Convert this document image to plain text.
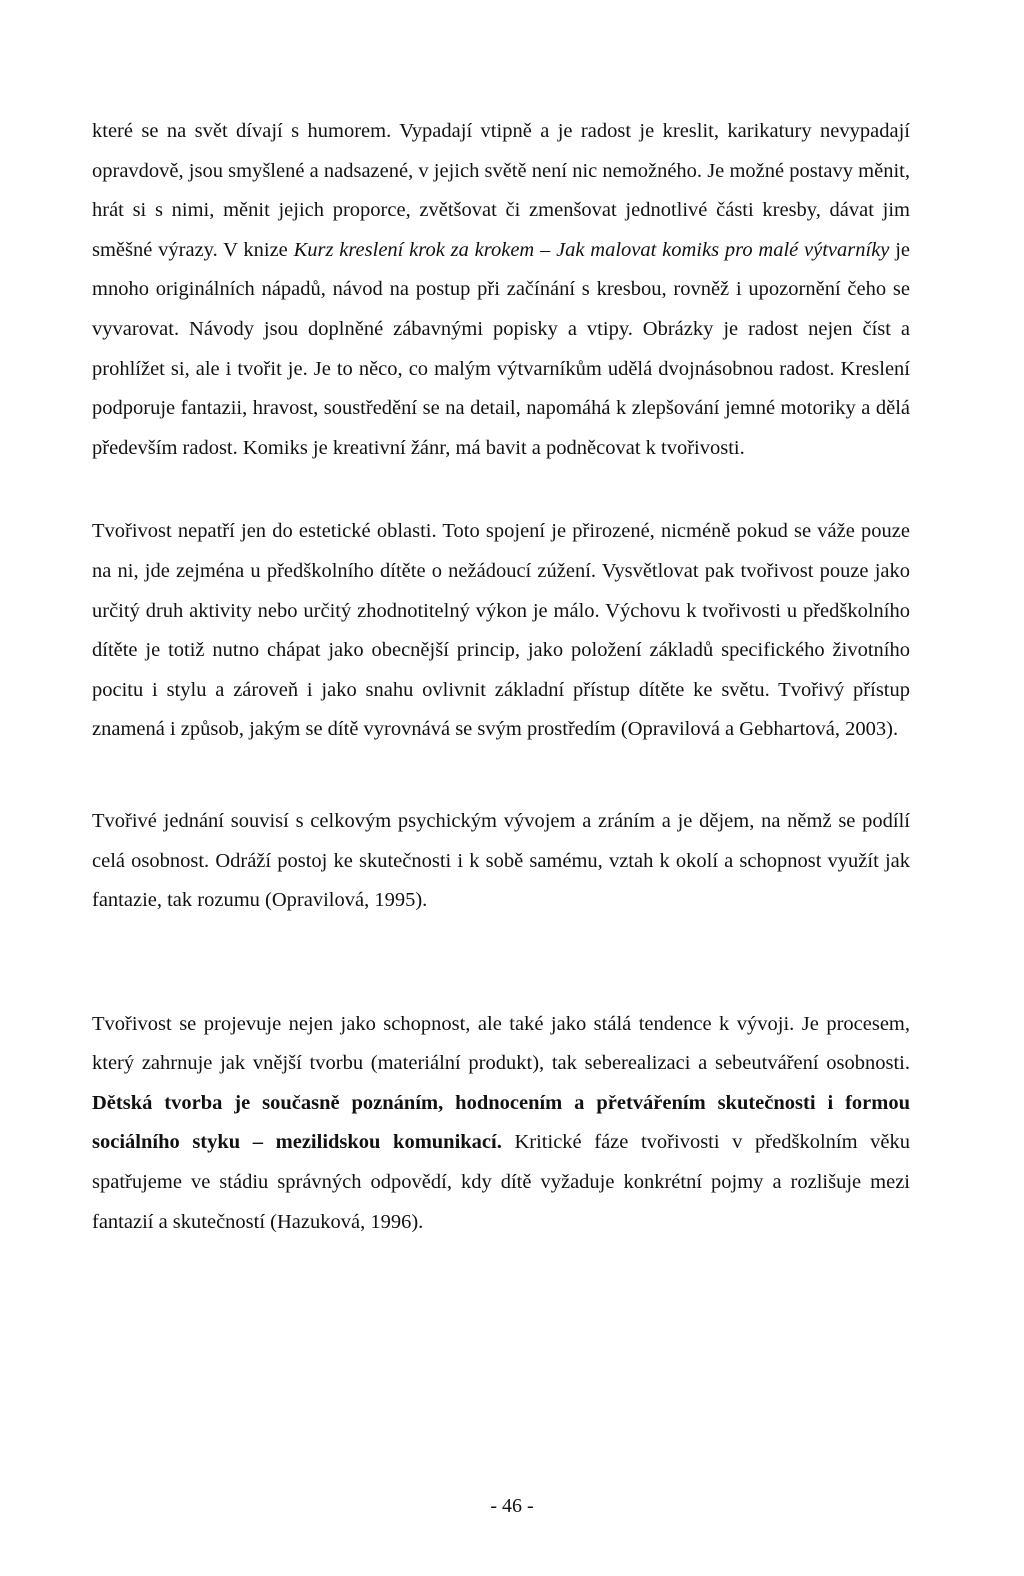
které se na svět dívají s humorem. Vypadají vtipně a je radost je kreslit, karikatury nevypadají opravdově, jsou smyšlené a nadsazené, v jejich světě není nic nemožného. Je možné postavy měnit, hrát si s nimi, měnit jejich proporce, zvětšovat či zmenšovat jednotlivé části kresby, dávat jim směšné výrazy. V knize Kurz kreslení krok za krokem – Jak malovat komiks pro malé výtvarníky je mnoho originálních nápadů, návod na postup při začínání s kresbou, rovněž i upozornění čeho se vyvarovat. Návody jsou doplněné zábavnými popisky a vtipy. Obrázky je radost nejen číst a prohlížet si, ale i tvořit je. Je to něco, co malým výtvarníkům udělá dvojnásobnou radost. Kreslení podporuje fantazii, hravost, soustředění se na detail, napomáhá k zlepšování jemné motoriky a dělá především radost. Komiks je kreativní žánr, má bavit a podněcovat k tvořivosti.

Tvořivost nepatří jen do estetické oblasti. Toto spojení je přirozené, nicméně pokud se váže pouze na ni, jde zejména u předškolního dítěte o nežádoucí zúžení. Vysvětlovat pak tvořivost pouze jako určitý druh aktivity nebo určitý zhodnotitelný výkon je málo. Výchovu k tvořivosti u předškolního dítěte je totiž nutno chápat jako obecnější princip, jako položení základů specifického životního pocitu i stylu a zároveň i jako snahu ovlivnit základní přístup dítěte ke světu. Tvořivý přístup znamená i způsob, jakým se dítě vyrovnává se svým prostředím (Opravilová a Gebhartová, 2003).

Tvořivé jednání souvisí s celkovým psychickým vývojem a zráním a je dějem, na němž se podílí celá osobnost. Odráží postoj ke skutečnosti i k sobě samému, vztah k okolí a schopnost využít jak fantazie, tak rozumu (Opravilová, 1995).

Tvořivost se projevuje nejen jako schopnost, ale také jako stálá tendence k vývoji. Je procesem, který zahrnuje jak vnější tvorbu (materiální produkt), tak seberealizaci a sebeutváření osobnosti. Dětská tvorba je současně poznáním, hodnocením a přetvářením skutečnosti i formou sociálního styku – mezilidskou komunikací. Kritické fáze tvořivosti v předškolním věku spatřujeme ve stádiu správných odpovědí, kdy dítě vyžaduje konkrétní pojmy a rozlišuje mezi fantazií a skutečností (Hazuková, 1996).

- 46 -
